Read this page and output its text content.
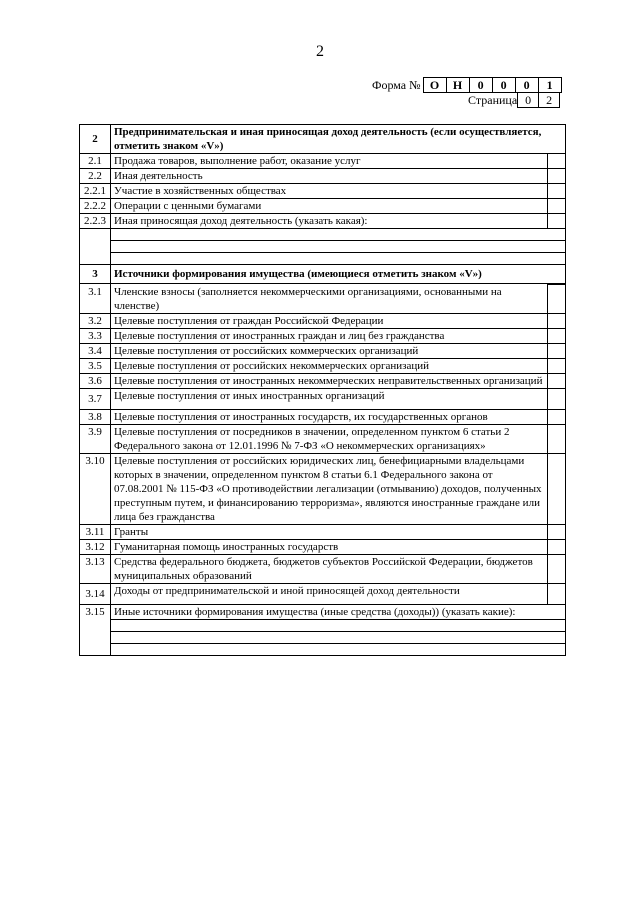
2
Форма № О	Н	0	0	0	1
Страница 0	2
2	Предпринимательская и иная приносящая доход деятельность (если осуществляется, отметить знаком «V»)	
2.1	Продажа товаров, выполнение работ, оказание услуг	
2.2	Иная деятельность	
2.2.1	Участие в хозяйственных обществах	
2.2.2	Операции с ценными бумагами	
2.2.3	Иная приносящая доход деятельность (указать какая):	

3	Источники формирования имущества (имеющиеся отметить знаком «V»)	

3.1	Членские взносы (заполняется некоммерческими организациями, основанными на членстве)	
3.2	Целевые поступления от граждан Российской Федерации	
3.3	Целевые поступления от иностранных граждан и лиц без гражданства	
3.4	Целевые поступления от российских коммерческих организаций	
3.5	Целевые поступления от российских некоммерческих организаций	
3.6	Целевые поступления от иностранных некоммерческих неправительственных организаций	
3.7	Целевые поступления от иных иностранных организаций	
3.8	Целевые поступления от иностранных государств, их государственных органов	
3.9	Целевые поступления от посредников в значении, определенном пунктом 6 статьи 2 Федерального закона от 12.01.1996 № 7-ФЗ «О некоммерческих организациях»	
3.10	Целевые поступления от российских юридических лиц, бенефициарными владельцами которых в значении, определенном пунктом 8 статьи 6.1 Федерального закона от 07.08.2001 № 115-ФЗ «О противодействии легализации (отмыванию) доходов, полученных преступным путем, и финансированию терроризма», являются иностранные граждане или лица без гражданства	
3.11	Гранты	
3.12	Гуманитарная помощь иностранных государств	
3.13	Средства федерального бюджета, бюджетов субъектов Российской Федерации, бюджетов муниципальных образований	
3.14	Доходы от предпринимательской и иной приносящей доход деятельности	

3.15	Иные источники формирования имущества (иные средства (доходы)) (указать какие):	
